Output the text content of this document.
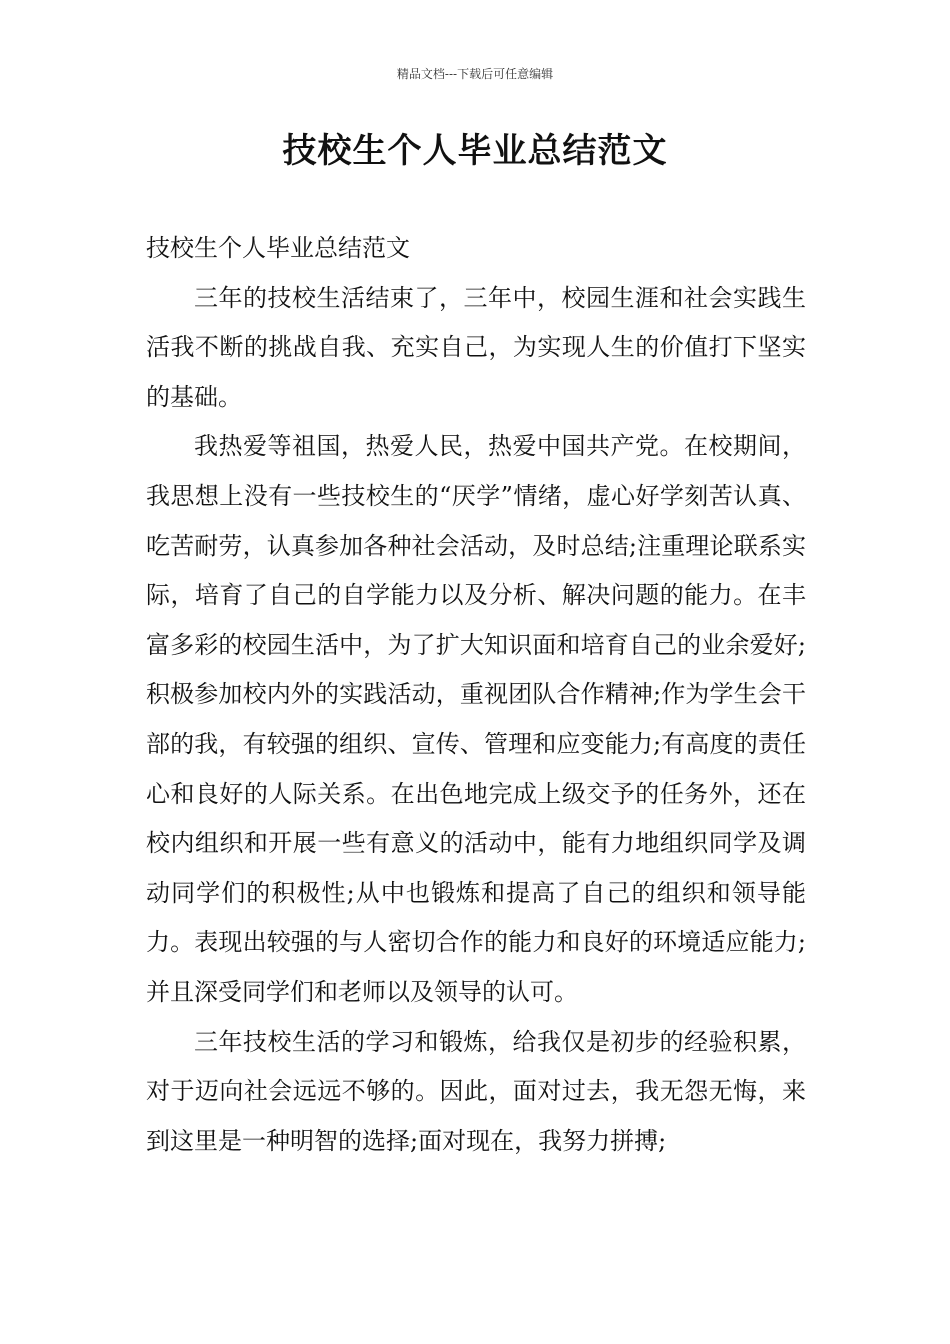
精品文档---下载后可任意编辑
技校生个人毕业总结范文

技校生个人毕业总结范文

三年的技校生活结束了，三年中，校园生涯和社会实践生活我不断的挑战自我、充实自己，为实现人生的价值打下坚实的基础。

我热爱等祖国，热爱人民，热爱中国共产党。在校期间，我思想上没有一些技校生的“厌学”情绪，虚心好学刻苦认真、吃苦耐劳，认真参加各种社会活动，及时总结;注重理论联系实际，培育了自己的自学能力以及分析、解决问题的能力。在丰富多彩的校园生活中，为了扩大知识面和培育自己的业余爱好;积极参加校内外的实践活动，重视团队合作精神;作为学生会干部的我，有较强的组织、宣传、管理和应变能力;有高度的责任心和良好的人际关系。在出色地完成上级交予的任务外，还在校内组织和开展一些有意义的活动中，能有力地组织同学及调动同学们的积极性;从中也锻炼和提高了自己的组织和领导能力。表现出较强的与人密切合作的能力和良好的环境适应能力;并且深受同学们和老师以及领导的认可。

三年技校生活的学习和锻炼，给我仅是初步的经验积累，对于迈向社会远远不够的。因此，面对过去，我无怨无悔，来到这里是一种明智的选择;面对现在，我努力拼搏;
